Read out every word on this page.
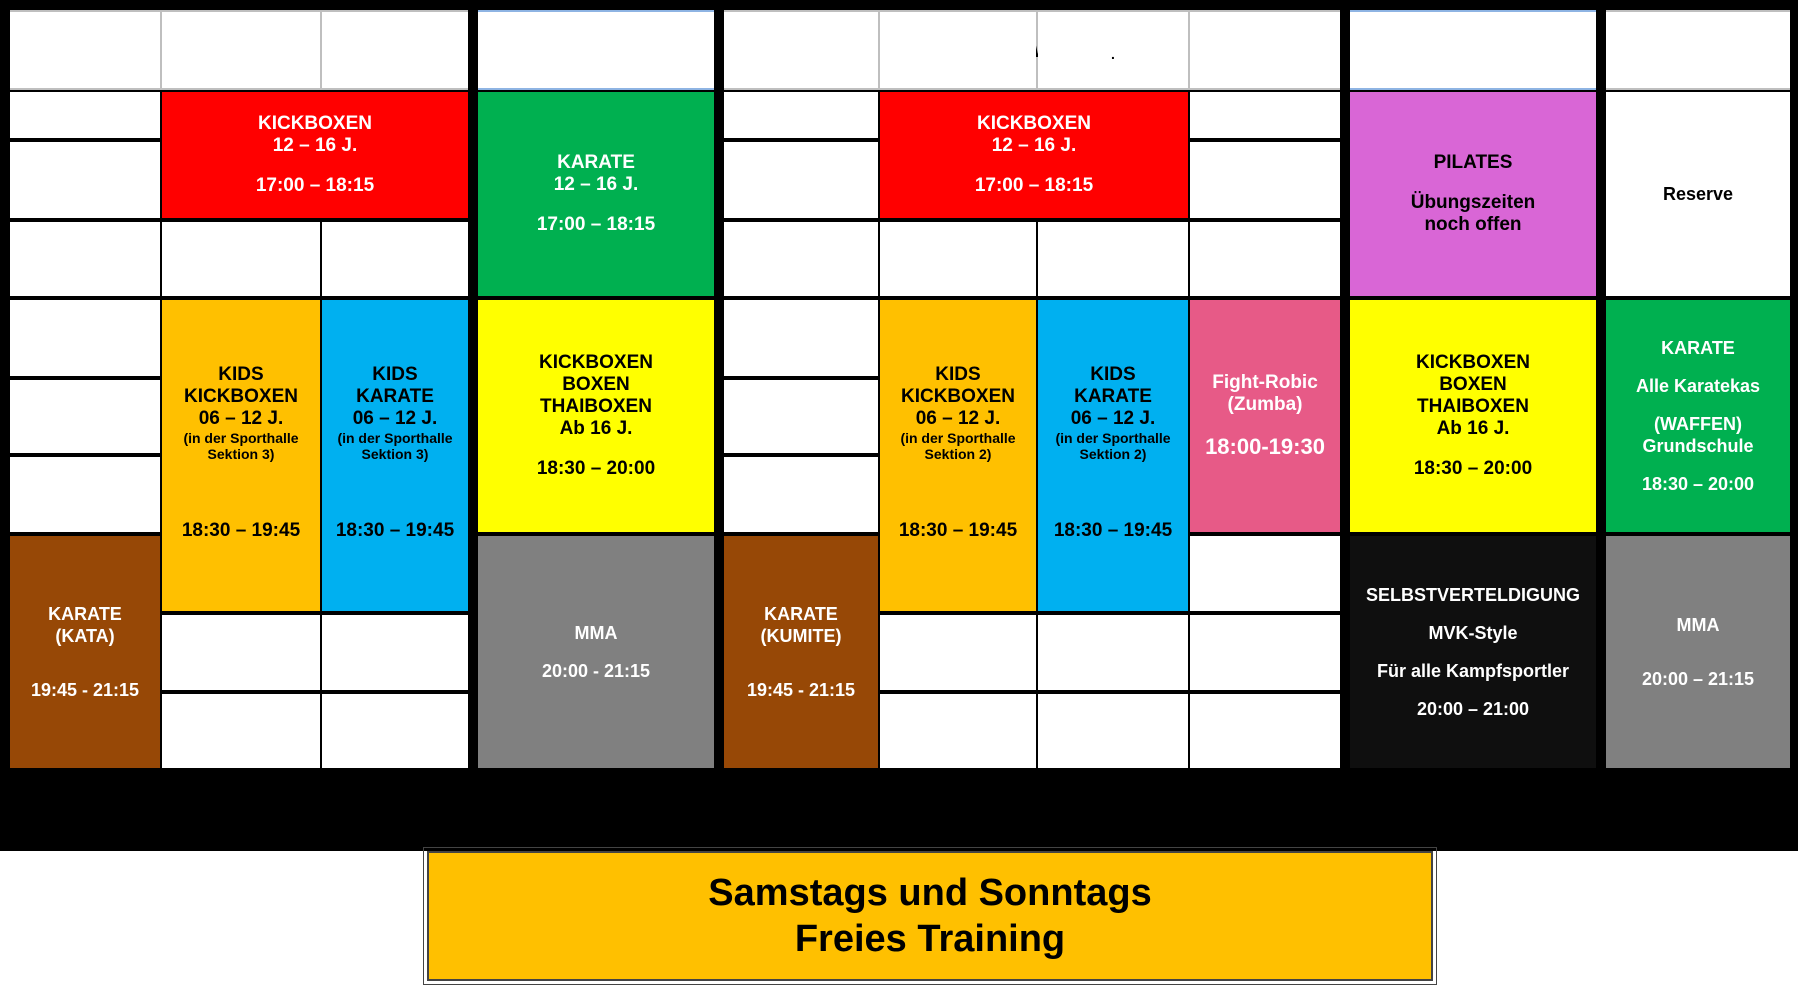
.
KICKBOXEN
12 – 16 J.
17:00 – 18:15
KIDS
KICKBOXEN
06 – 12 J.
(in der Sporthalle
Sektion 3)
18:30 – 19:45
KIDS
KARATE
06 – 12 J.
(in der Sporthalle
Sektion 3)
18:30 – 19:45
KARATE
(KATA)
19:45 - 21:15
KARATE
12 – 16 J.
17:00 – 18:15
KICKBOXEN
BOXEN
THAIBOXEN
Ab 16 J.
18:30 – 20:00
MMA
20:00 - 21:15
KICKBOXEN
12 – 16 J.
17:00 – 18:15
KIDS
KICKBOXEN
06 – 12 J.
(in der Sporthalle
Sektion 2)
18:30 – 19:45
KIDS
KARATE
06 – 12 J.
(in der Sporthalle
Sektion 2)
18:30 – 19:45
Fight-Robic
(Zumba)
18:00-19:30
KARATE
(KUMITE)
19:45 - 21:15
PILATES
Übungszeiten
noch offen
KICKBOXEN
BOXEN
THAIBOXEN
Ab 16 J.
18:30 – 20:00
SELBSTVERTELDIGUNG
MVK-Style
Für alle Kampfsportler
20:00 – 21:00
Reserve
KARATE
Alle Karatekas
(WAFFEN)
Grundschule
18:30 – 20:00
MMA
20:00 – 21:15
Samstags und Sonntags
Freies Training
